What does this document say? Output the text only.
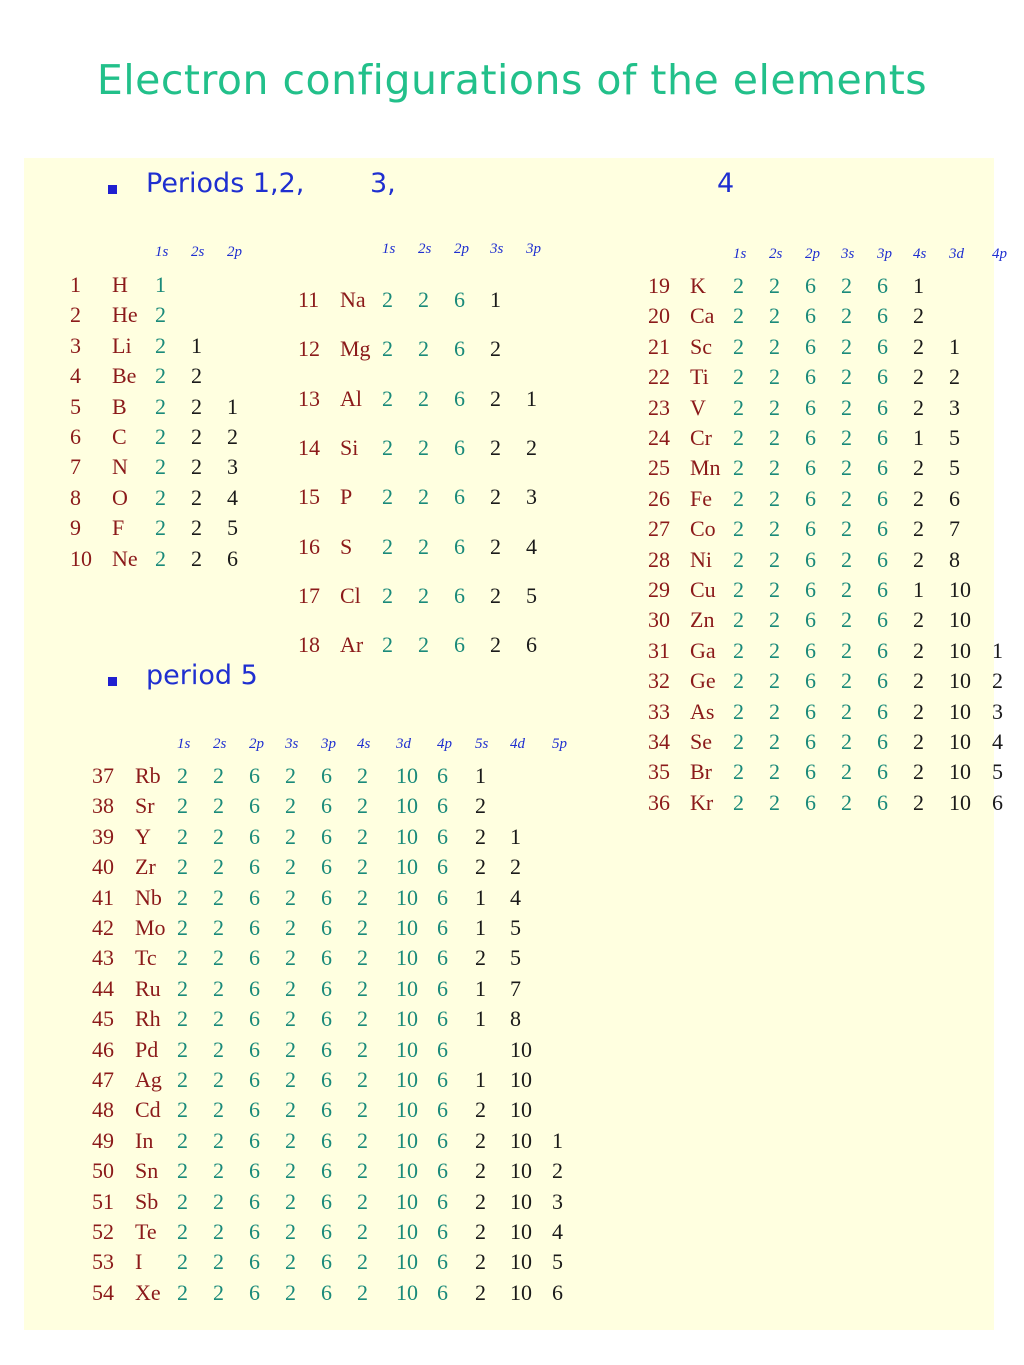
Electron configurations of the elements
Periods 1,2, 3,	4
period 5
1s 2s 2p
1 H 1
2 He 2
3 Li 2 1
4 Be 2 2
5 B 2 2 1
6 C 2 2 2
7 N 2 2 3
8 O 2 2 4
9 F 2 2 5
10 Ne 2 2 6
1s 2s 2p 3s 3p
11 Na 2 2 6 1
12 Mg 2 2 6 2
13 Al 2 2 6 2 1
14 Si 2 2 6 2 2
15 P 2 2 6 2 3
16 S 2 2 6 2 4
17 Cl 2 2 6 2 5
18 Ar 2 2 6 2 6
1s 2s 2p 3s 3p 4s 3d 4p
19 K 2 2 6 2 6 1
20 Ca 2 2 6 2 6 2
21 Sc 2 2 6 2 6 2 1
22 Ti 2 2 6 2 6 2 2
23 V 2 2 6 2 6 2 3
24 Cr 2 2 6 2 6 1 5
25 Mn 2 2 6 2 6 2 5
26 Fe 2 2 6 2 6 2 6
27 Co 2 2 6 2 6 2 7
28 Ni 2 2 6 2 6 2 8
29 Cu 2 2 6 2 6 1 10
30 Zn 2 2 6 2 6 2 10
31 Ga 2 2 6 2 6 2 10 1
32 Ge 2 2 6 2 6 2 10 2
33 As 2 2 6 2 6 2 10 3
34 Se 2 2 6 2 6 2 10 4
35 Br 2 2 6 2 6 2 10 5
36 Kr 2 2 6 2 6 2 10 6
1s 2s 2p 3s 3p 4s 3d 4p 5s 4d 5p
37 Rb 2 2 6 2 6 2 10 6 1
38 Sr 2 2 6 2 6 2 10 6 2
39 Y 2 2 6 2 6 2 10 6 2 1
40 Zr 2 2 6 2 6 2 10 6 2 2
41 Nb 2 2 6 2 6 2 10 6 1 4
42 Mo 2 2 6 2 6 2 10 6 1 5
43 Tc 2 2 6 2 6 2 10 6 2 5
44 Ru 2 2 6 2 6 2 10 6 1 7
45 Rh 2 2 6 2 6 2 10 6 1 8
46 Pd 2 2 6 2 6 2 10 6	10
47 Ag 2 2 6 2 6 2 10 6 1 10
48 Cd 2 2 6 2 6 2 10 6 2 10
49 In 2 2 6 2 6 2 10 6 2 10 1
50 Sn 2 2 6 2 6 2 10 6 2 10 2
51 Sb 2 2 6 2 6 2 10 6 2 10 3
52 Te 2 2 6 2 6 2 10 6 2 10 4
53 I 2 2 6 2 6 2 10 6 2 10 5
54 Xe 2 2 6 2 6 2 10 6 2 10 6
